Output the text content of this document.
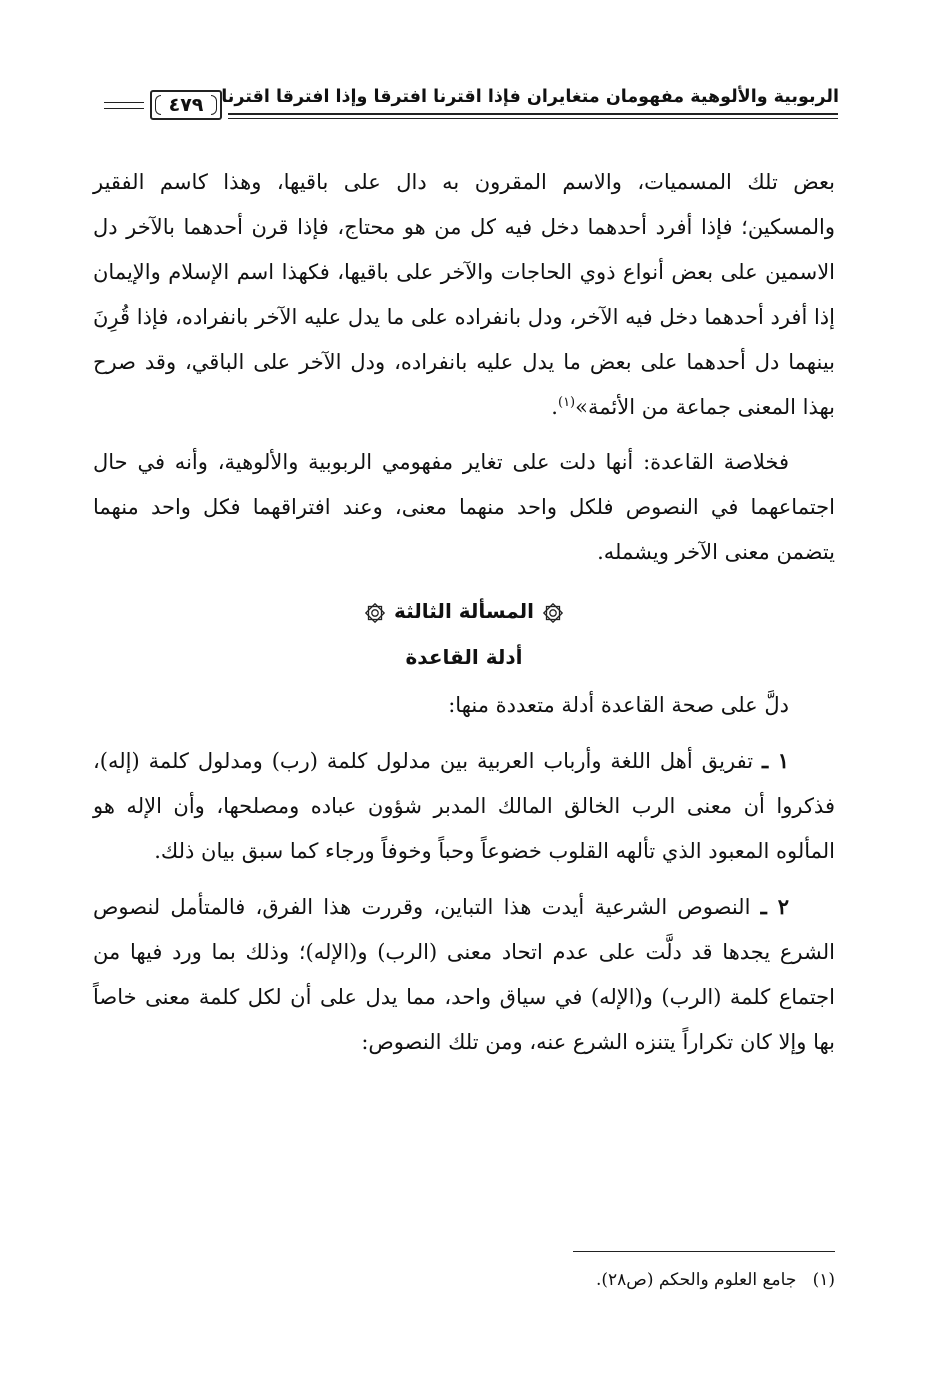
الربوبية والألوهية مفهومان متغايران فإذا اقترنا افترقا وإذا افترقا اقترنا
٤٧٩

بعض تلك المسميات، والاسم المقرون به دال على باقيها، وهذا كاسم الفقير والمسكين؛ فإذا أفرد أحدهما دخل فيه كل من هو محتاج، فإذا قرن أحدهما بالآخر دل الاسمين على بعض أنواع ذوي الحاجات والآخر على باقيها، فكهذا اسم الإسلام والإيمان إذا أفرد أحدهما دخل فيه الآخر، ودل بانفراده على ما يدل عليه الآخر بانفراده، فإذا قُرِنَ بينهما دل أحدهما على بعض ما يدل عليه بانفراده، ودل الآخر على الباقي، وقد صرح بهذا المعنى جماعة من الأئمة»$^{(١)}$.

فخلاصة القاعدة: أنها دلت على تغاير مفهومي الربوبية والألوهية، وأنه في حال اجتماعهما في النصوص فلكل واحد منهما معنى، وعند افتراقهما فكل واحد منهما يتضمن معنى الآخر ويشمله.

المسألة الثالثة
أدلة القاعدة

دلَّ على صحة القاعدة أدلة متعددة منها:

١ ـ تفريق أهل اللغة وأرباب العربية بين مدلول كلمة (رب) ومدلول كلمة (إله)، فذكروا أن معنى الرب الخالق المالك المدبر شؤون عباده ومصلحها، وأن الإله هو المألوه المعبود الذي تألهه القلوب خضوعاً وحباً وخوفاً ورجاء كما سبق بيان ذلك.

٢ ـ النصوص الشرعية أيدت هذا التباين، وقررت هذا الفرق، فالمتأمل لنصوص الشرع يجدها قد دلَّت على عدم اتحاد معنى (الرب) و(الإله)؛ وذلك بما ورد فيها من اجتماع كلمة (الرب) و(الإله) في سياق واحد، مما يدل على أن لكل كلمة معنى خاصاً بها وإلا كان تكراراً يتنزه الشرع عنه، ومن تلك النصوص:

(١)   جامع العلوم والحكم (ص٢٨).
